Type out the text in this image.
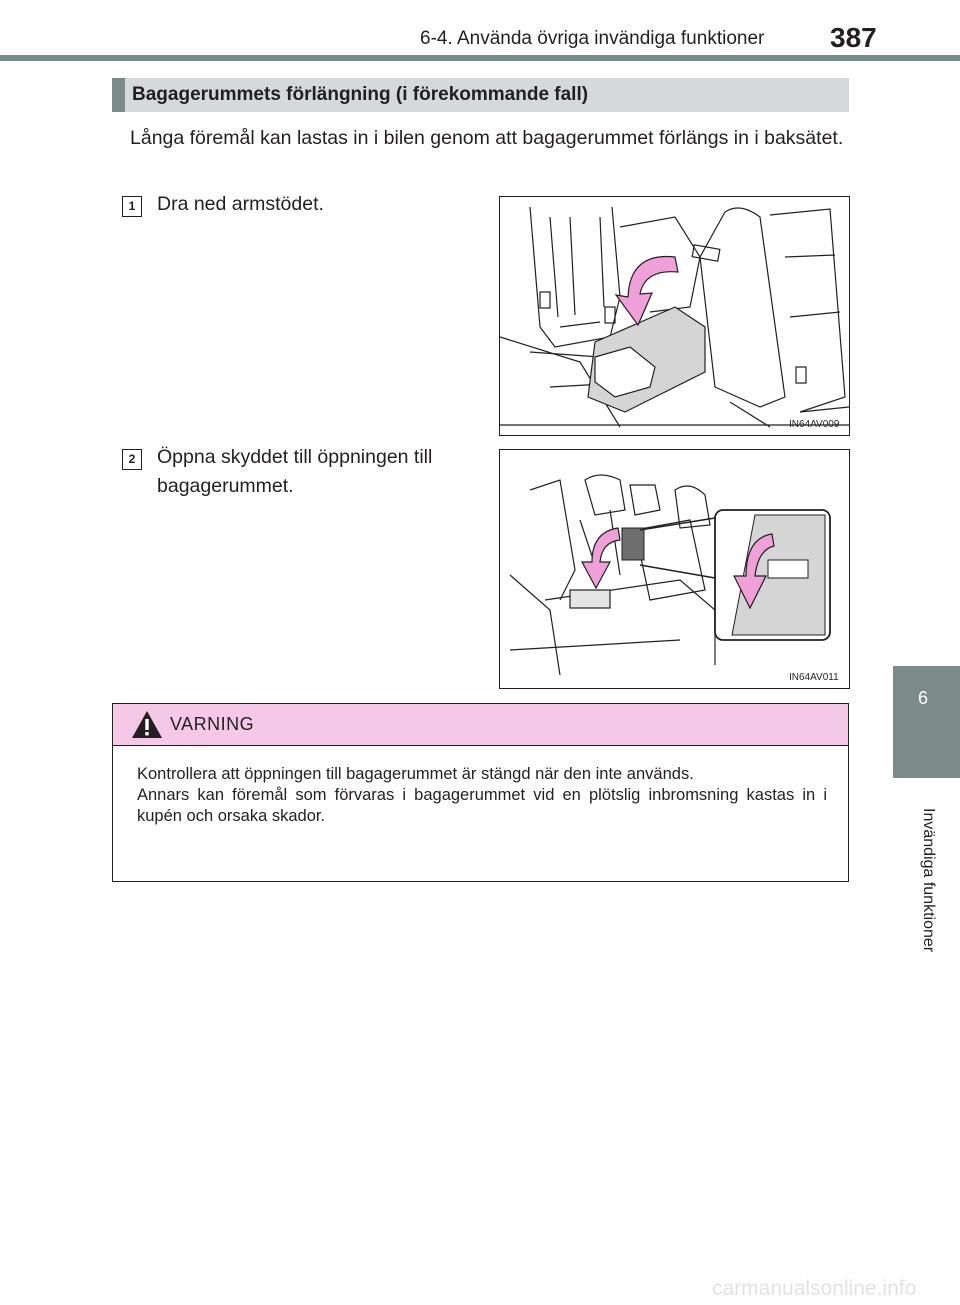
6-4. Använda övriga invändiga funktioner 387
6
Invändiga funktioner
Bagagerummets förlängning (i förekommande fall)
Långa föremål kan lastas in i bilen genom att bagagerummet förlängs in i baksätet.
1	Dra ned armstödet.
IN64AV009
2	Öppna skyddet till öppningen till bagagerummet.
IN64AV011
VARNING

Kontrollera att öppningen till bagagerummet är stängd när den inte används.

Annars kan föremål som förvaras i bagagerummet vid en plötslig inbromsning kastas in i kupén och orsaka skador.

carmanualsonline.info
